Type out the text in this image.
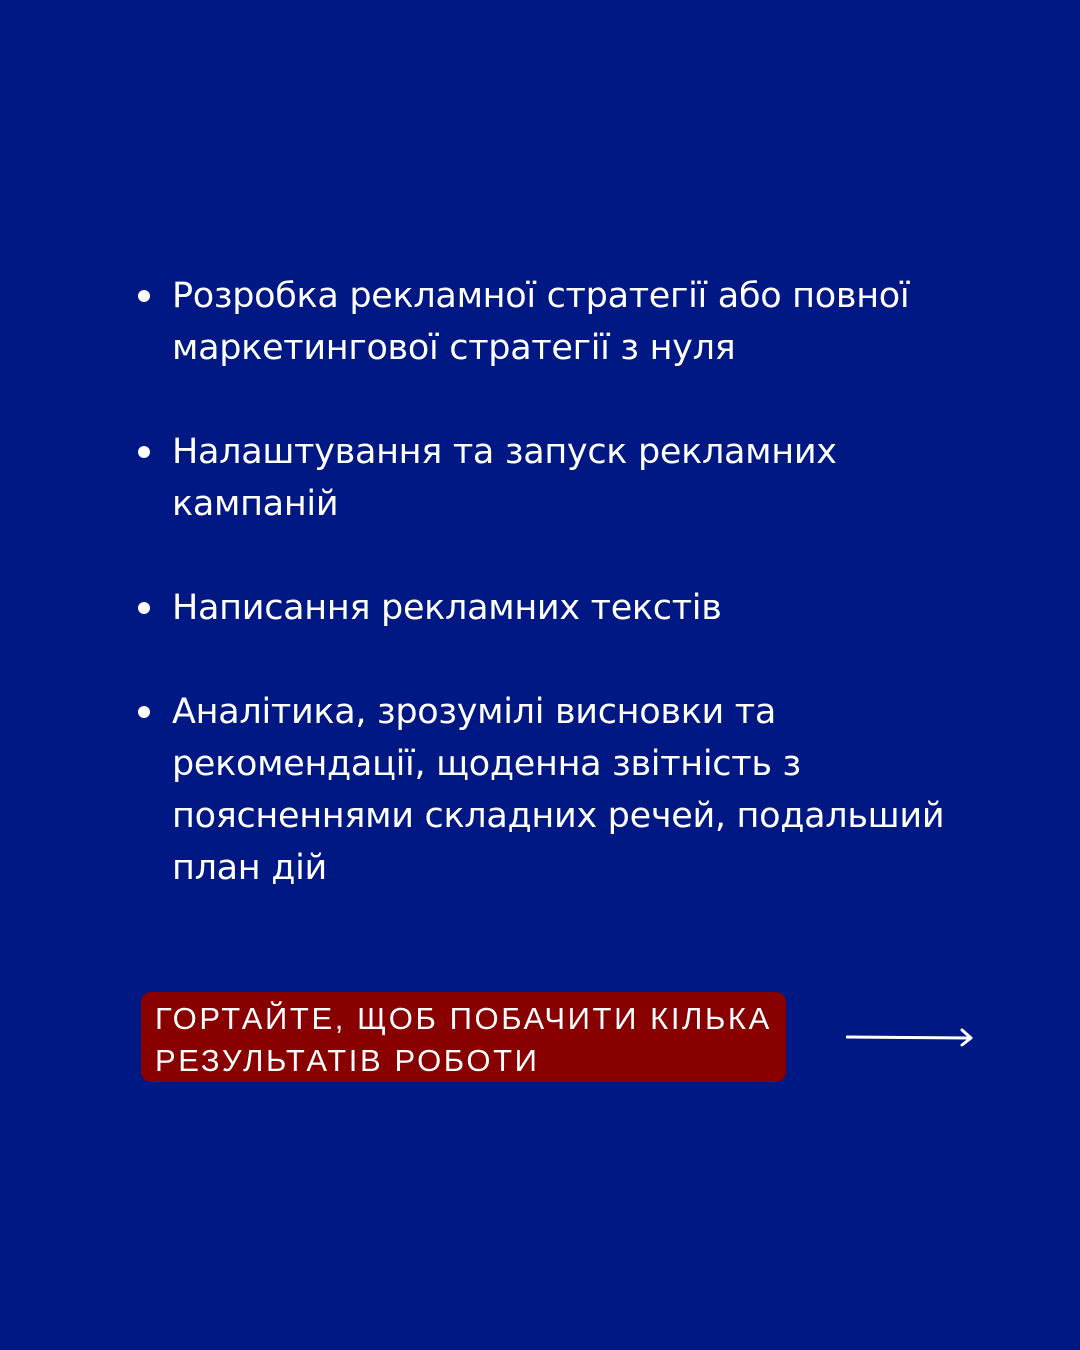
Розробка рекламної стратегії або повної маркетингової стратегії з нуля
Налаштування та запуск рекламних кампаній
Написання рекламних текстів
Аналітика, зрозумілі висновки та рекомендації, щоденна звітність з поясненнями складних речей, подальший план дій
ГОРТАЙТЕ, ЩОБ ПОБАЧИТИ КІЛЬКА РЕЗУЛЬТАТІВ РОБОТИ
